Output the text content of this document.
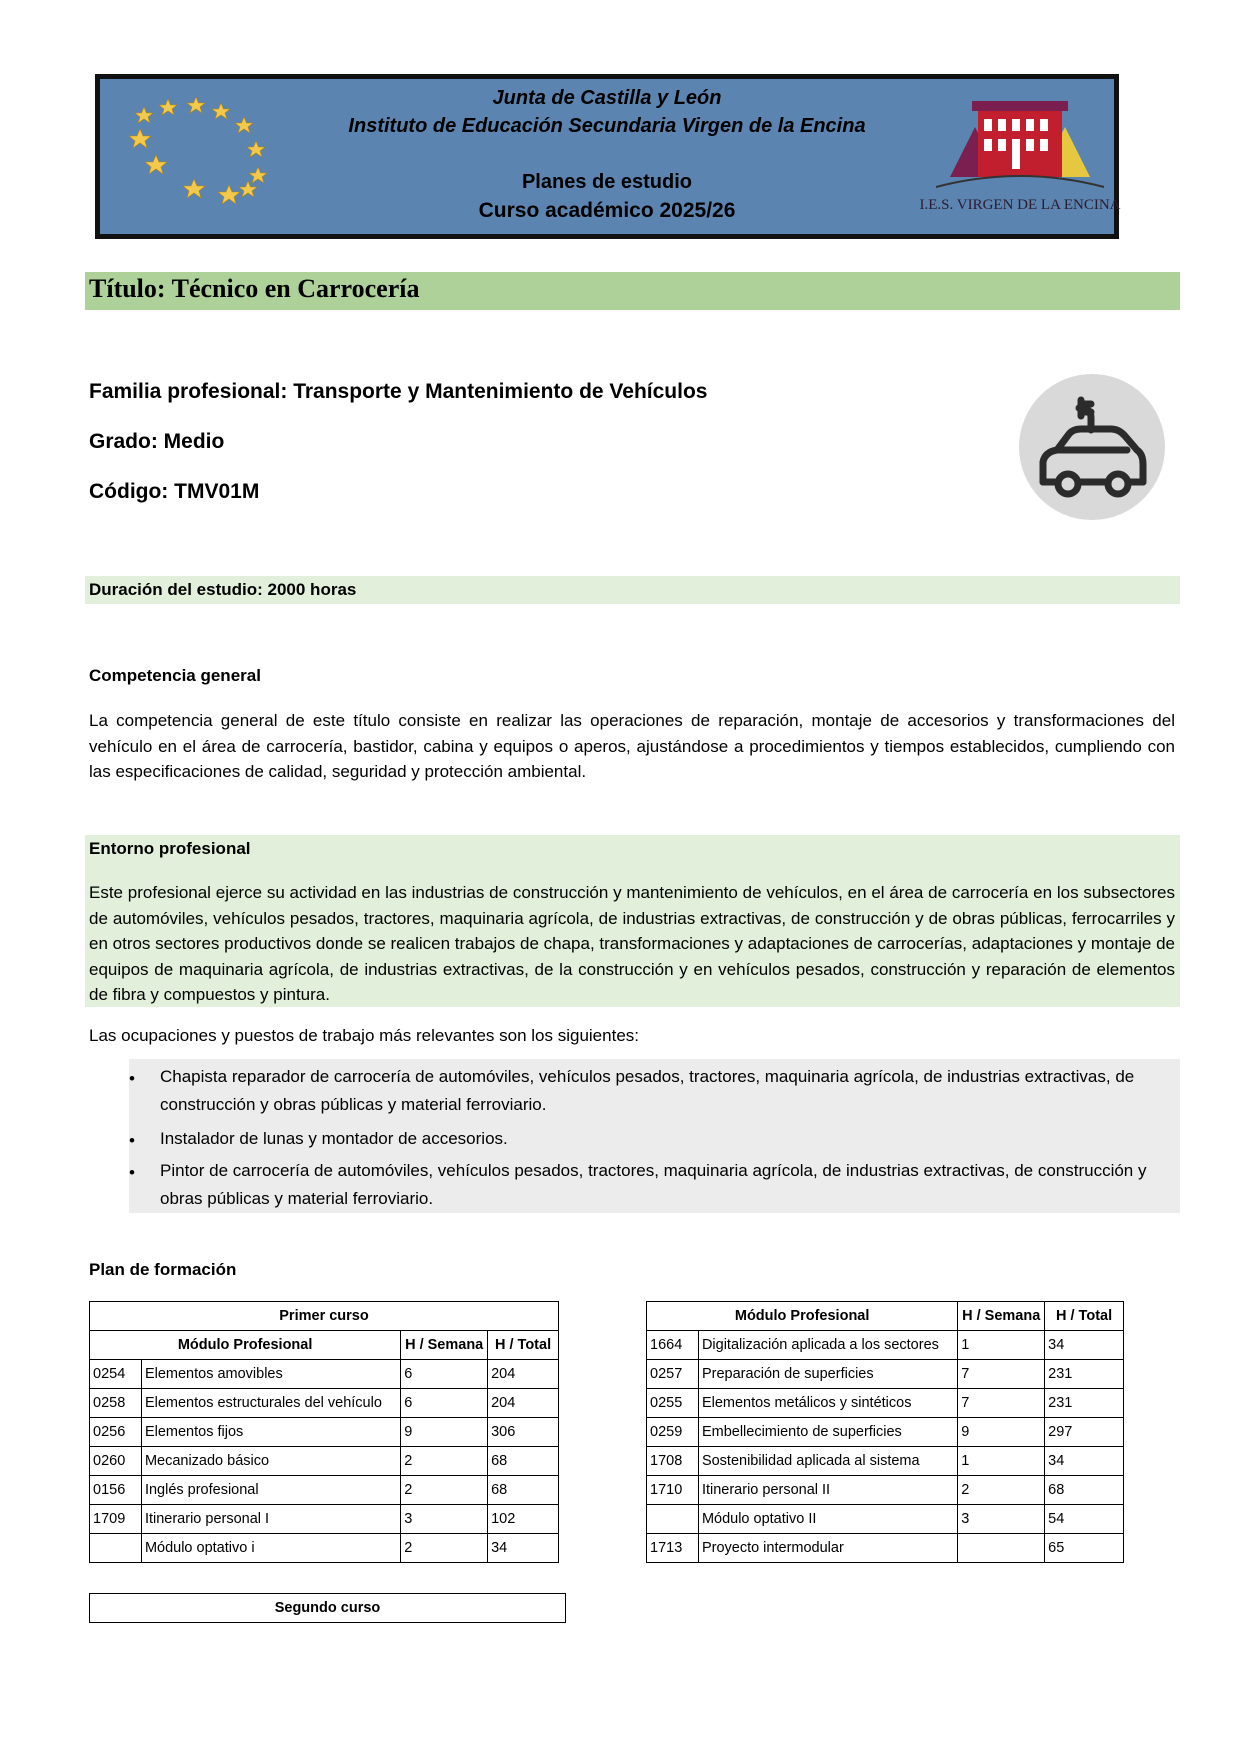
Junta de Castilla y León
Instituto de Educación Secundaria Virgen de la Encina
Planes de estudio
Curso académico 2025/26	I.E.S. VIRGEN DE LA ENCINA
Título: Técnico en Carrocería
Familia profesional: Transporte y Mantenimiento de Vehículos
Grado: Medio
Código: TMV01M
Duración del estudio: 2000 horas
Competencia general
La competencia general de este título consiste en realizar las operaciones de reparación, montaje de accesorios y transformaciones del vehículo en el área de carrocería, bastidor, cabina y equipos o aperos, ajustándose a procedimientos y tiempos establecidos, cumpliendo con las especificaciones de calidad, seguridad y protección ambiental.
Entorno profesional
Este profesional ejerce su actividad en las industrias de construcción y mantenimiento de vehículos, en el área de carrocería en los subsectores de automóviles, vehículos pesados, tractores, maquinaria agrícola, de industrias extractivas, de construcción y de obras públicas, ferrocarriles y en otros sectores productivos donde se realicen trabajos de chapa, transformaciones y adaptaciones de carrocerías, adaptaciones y montaje de equipos de maquinaria agrícola, de industrias extractivas, de la construcción y en vehículos pesados, construcción y reparación de elementos de fibra y compuestos y pintura.
Las ocupaciones y puestos de trabajo más relevantes son los siguientes:
• Chapista reparador de carrocería de automóviles, vehículos pesados, tractores, maquinaria agrícola, de industrias extractivas, de construcción y obras públicas y material ferroviario.
• Instalador de lunas y montador de accesorios.
• Pintor de carrocería de automóviles, vehículos pesados, tractores, maquinaria agrícola, de industrias extractivas, de construcción y obras públicas y material ferroviario.
Plan de formación
Primer curso			
Módulo Profesional		H / Semana	H / Total
0254	Elementos amovibles	6	204
0258	Elementos estructurales del vehículo	6	204
0256	Elementos fijos	9	306
0260	Mecanizado básico	2	68
0156	Inglés profesional	2	68
1709	Itinerario personal I	3	102
	Módulo optativo i	2	34
Segundo curso
Módulo Profesional		H / Semana	H / Total
1664	Digitalización aplicada a los sectores	1	34
0257	Preparación de superficies	7	231
0255	Elementos metálicos y sintéticos	7	231
0259	Embellecimiento de superficies	9	297
1708	Sostenibilidad aplicada al sistema	1	34
1710	Itinerario personal II	2	68
	Módulo optativo II	3	54
1713	Proyecto intermodular		65
